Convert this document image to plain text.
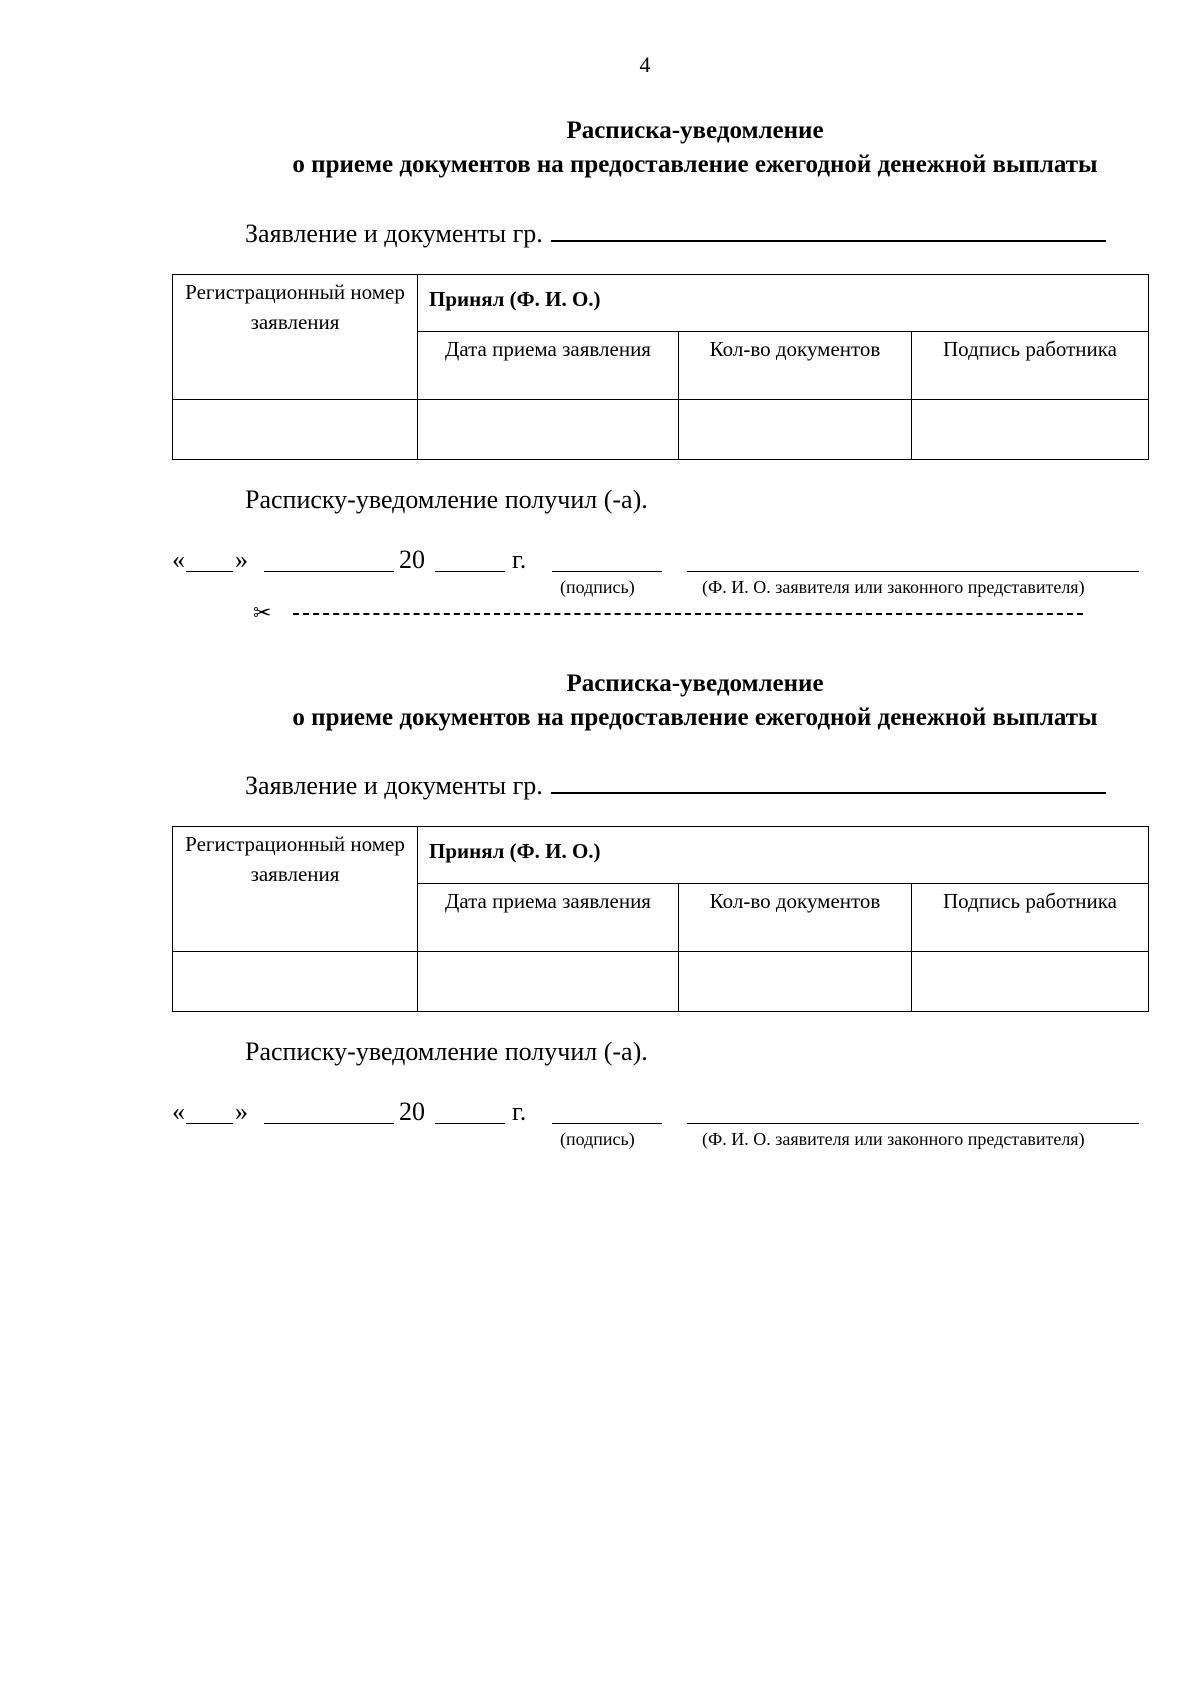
4
Расписка-уведомление
о приеме документов на предоставление ежегодной денежной выплаты
Заявление и документы гр.
Регистрационный номер заявления	Принял (Ф. И. О.)		
	Дата приема заявления	Кол-во документов	Подпись работника

Расписку-уведомление получил (-а).
« »	20	г.
(подпись)	(Ф. И. О. заявителя или законного представителя)
✂
Расписка-уведомление
о приеме документов на предоставление ежегодной денежной выплаты
Заявление и документы гр.
Регистрационный номер заявления	Принял (Ф. И. О.)		
	Дата приема заявления	Кол-во документов	Подпись работника

Расписку-уведомление получил (-а).
« »	20	г.
(подпись)	(Ф. И. О. заявителя или законного представителя)
